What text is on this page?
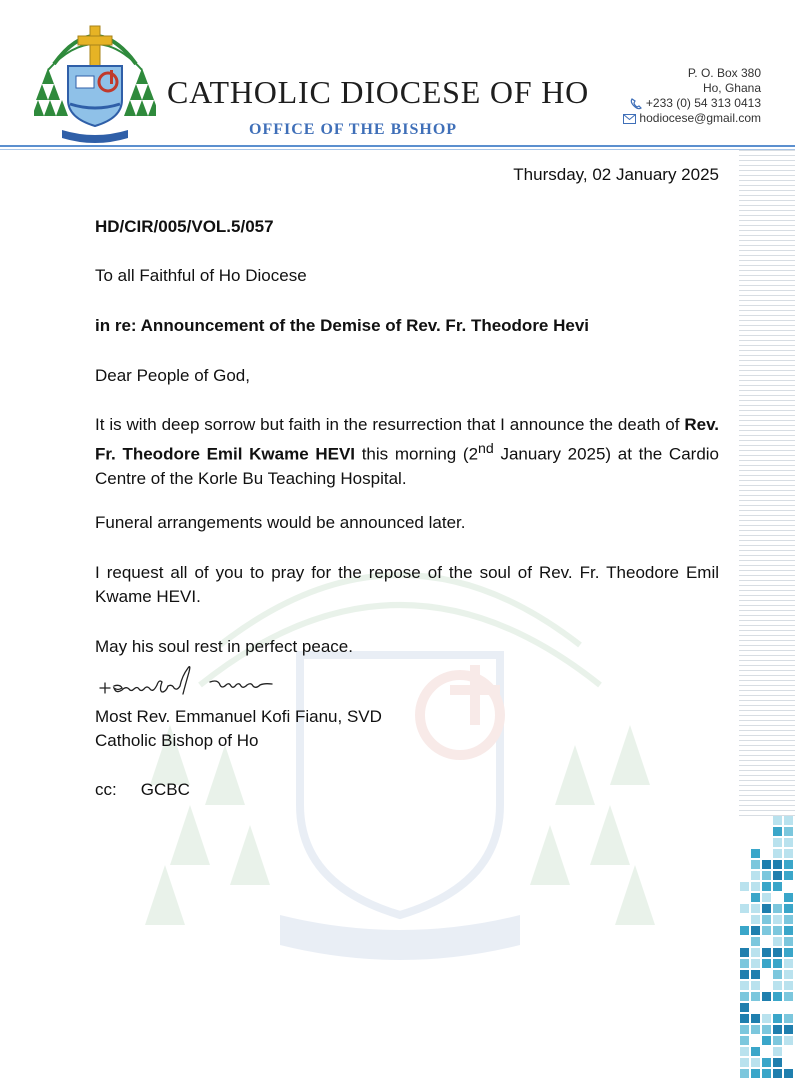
CATHOLIC DIOCESE OF HO

OFFICE OF THE BISHOP

P. O. Box 380
Ho, Ghana
+233 (0) 54 313 0413
hodiocese@gmail.com
Thursday, 02 January 2025
HD/CIR/005/VOL.5/057
To all Faithful of Ho Diocese
in re: Announcement of the Demise of Rev. Fr. Theodore Hevi
Dear People of God,
It is with deep sorrow but faith in the resurrection that I announce the death of Rev. Fr. Theodore Emil Kwame HEVI this morning (2nd January 2025) at the Cardio Centre of the Korle Bu Teaching Hospital.
Funeral arrangements would be announced later.
I request all of you to pray for the repose of the soul of Rev. Fr. Theodore Emil Kwame HEVI.
May his soul rest in perfect peace.
Most Rev. Emmanuel Kofi Fianu, SVD
Catholic Bishop of Ho
cc: GCBC
